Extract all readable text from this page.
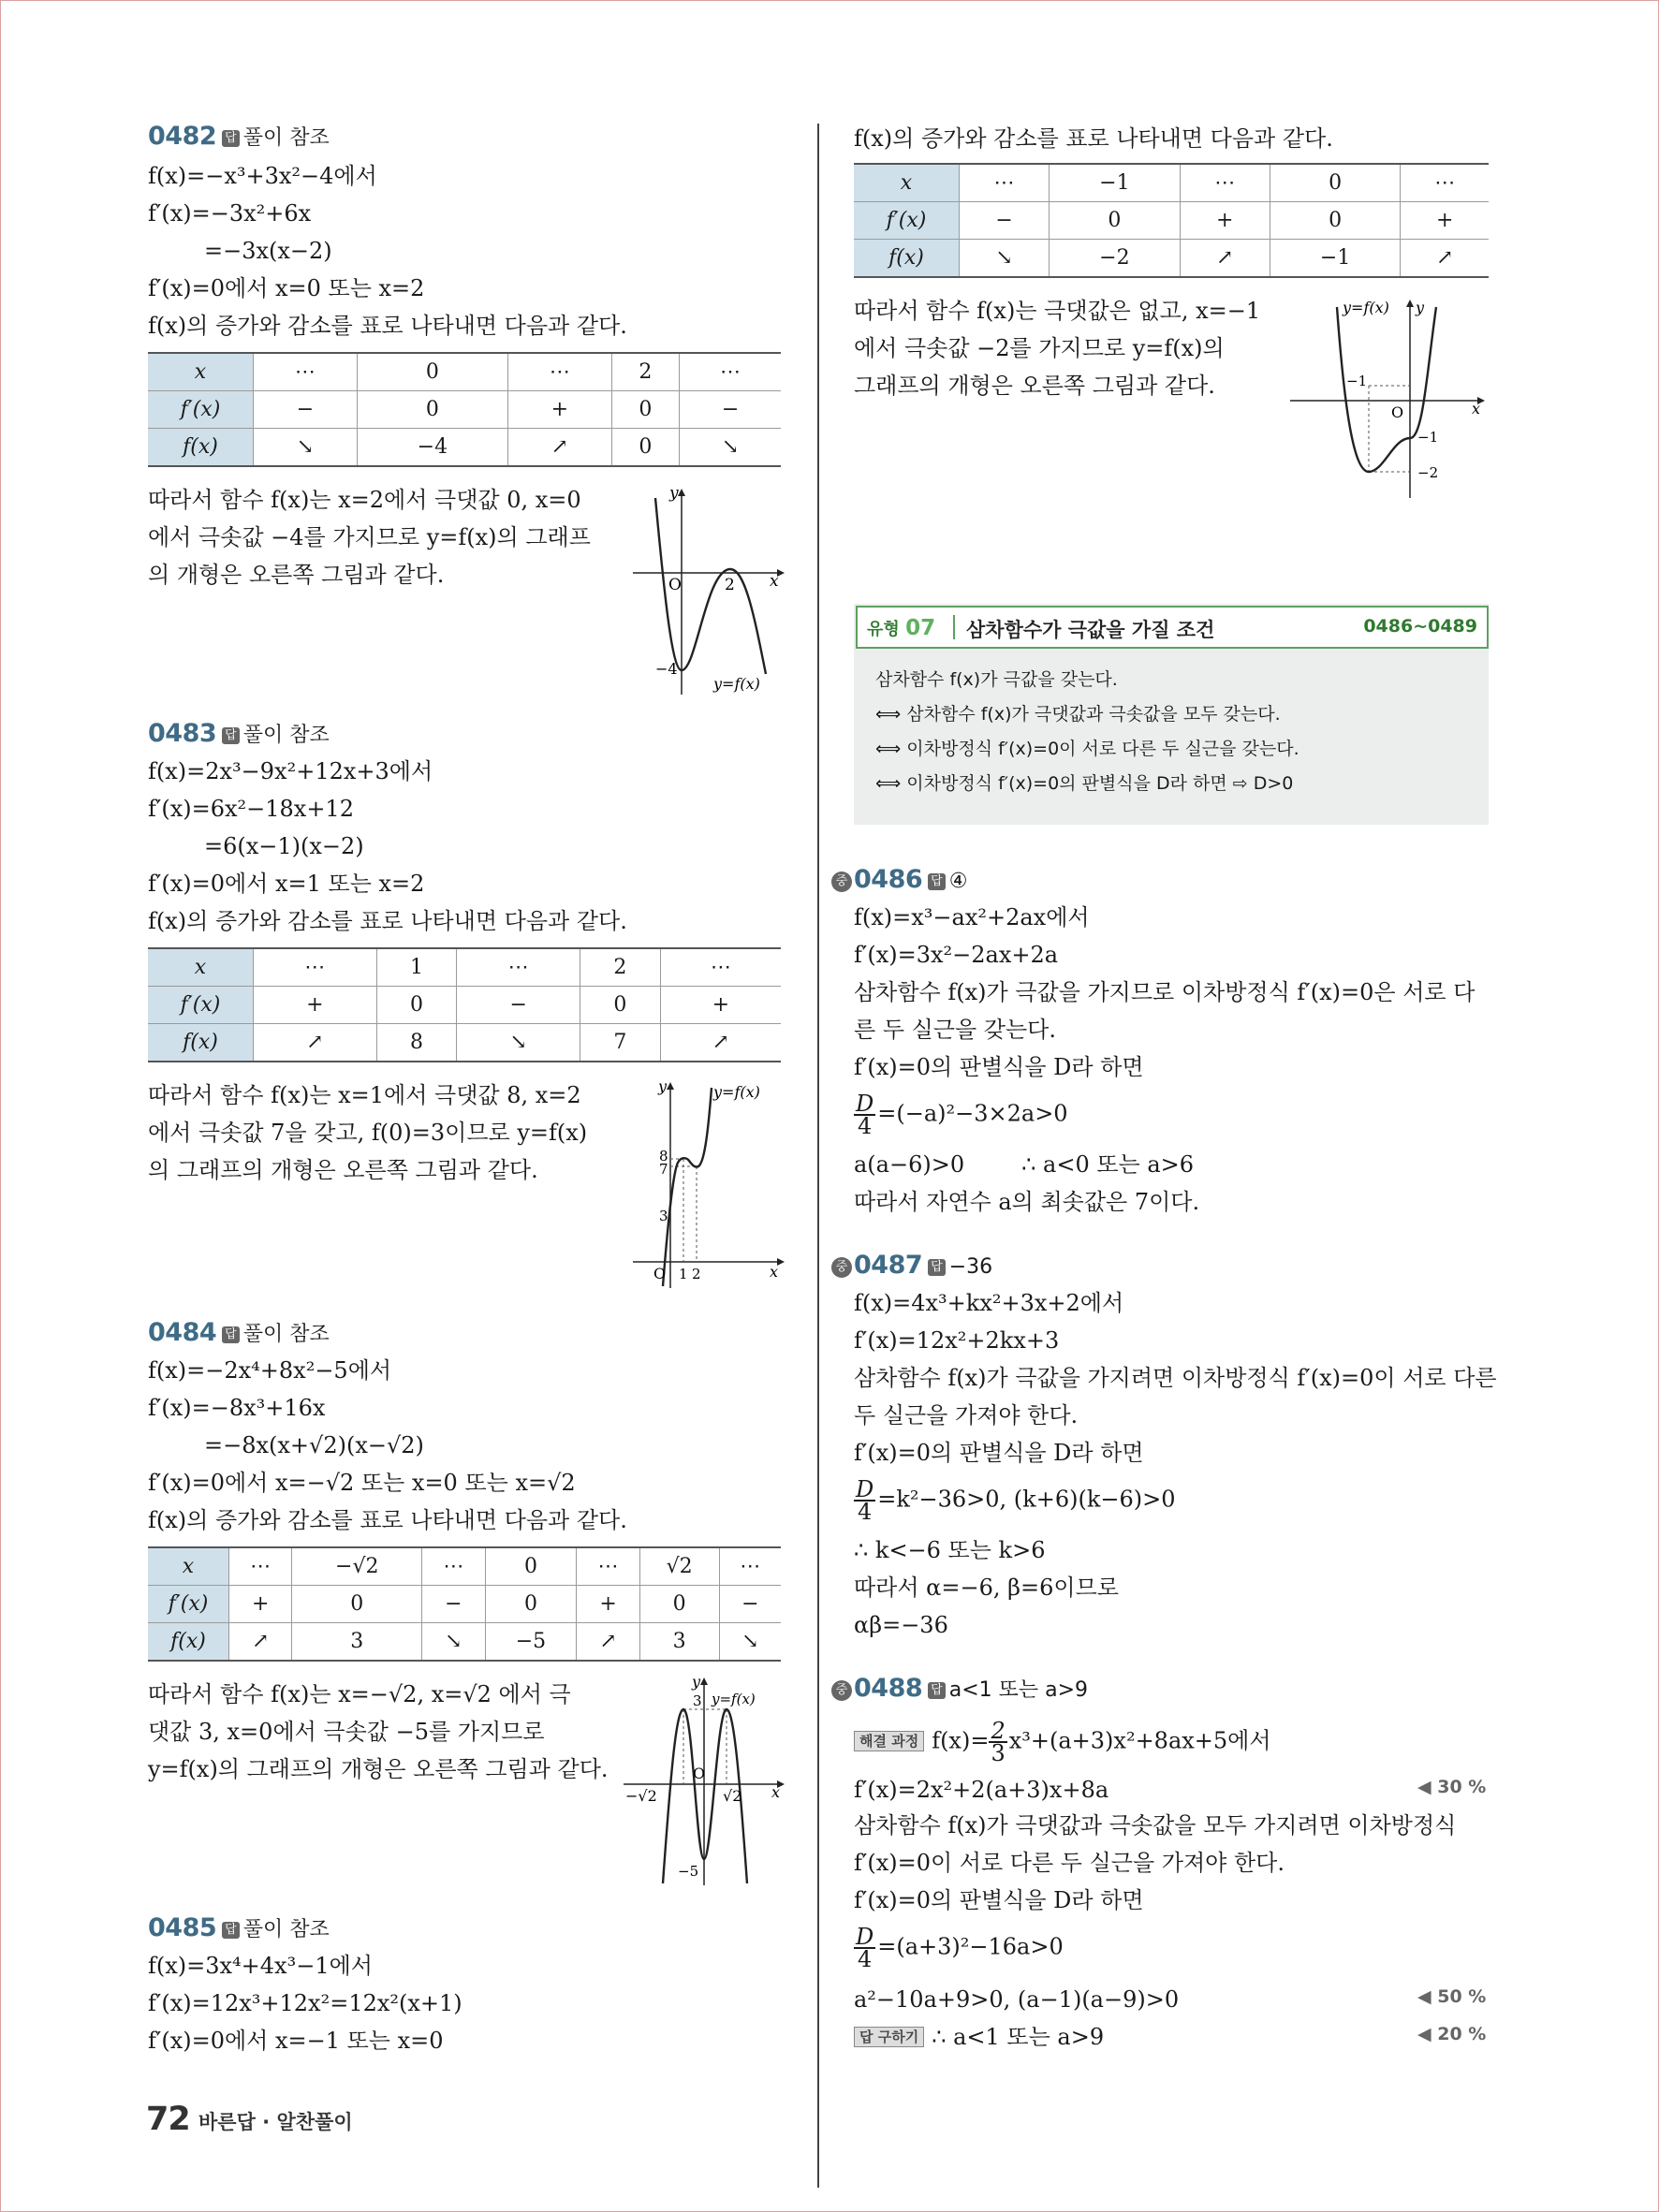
0482 답 풀이 참조
f(x)=−x³+3x²−4에서
f′(x)=−3x²+6x
=−3x(x−2)
f′(x)=0에서 x=0 또는 x=2
f(x)의 증가와 감소를 표로 나타내면 다음과 같다.
x	⋯	0	⋯	2	⋯
f′(x)	−	0	+	0	−
f(x)	↘	−4	↗	0	↘
따라서 함수 f(x)는 x=2에서 극댓값 0, x=0
에서 극솟값 −4를 가지므로 y=f(x)의 그래프
의 개형은 오른쪽 그림과 같다.
y
x
O	2
−4
y=f(x)
0483 답 풀이 참조
f(x)=2x³−9x²+12x+3에서
f′(x)=6x²−18x+12
=6(x−1)(x−2)
f′(x)=0에서 x=1 또는 x=2
f(x)의 증가와 감소를 표로 나타내면 다음과 같다.
x	⋯	1	⋯	2	⋯
f′(x)	+	0	−	0	+
f(x)	↗	8	↘	7	↗
따라서 함수 f(x)는 x=1에서 극댓값 8, x=2
에서 극솟값 7을 갖고, f(0)=3이므로 y=f(x)
의 그래프의 개형은 오른쪽 그림과 같다.
y
x
O 1 2
8
7
3
y=f(x)
0484 답 풀이 참조
f(x)=−2x⁴+8x²−5에서
f′(x)=−8x³+16x
=−8x(x+√2)(x−√2)
f′(x)=0에서 x=−√2 또는 x=0 또는 x=√2
f(x)의 증가와 감소를 표로 나타내면 다음과 같다.
x	⋯	−√2	⋯	0	⋯	√2	⋯
f′(x)	+	0	−	0	+	0	−
f(x)	↗	3	↘	−5	↗	3	↘
따라서 함수 f(x)는 x=−√2, x=√2 에서 극
댓값 3, x=0에서 극솟값 −5를 가지므로
y=f(x)의 그래프의 개형은 오른쪽 그림과 같다.
y
x
O
−√2	√2
3
−5
y=f(x)
0485 답 풀이 참조
f(x)=3x⁴+4x³−1에서
f′(x)=12x³+12x²=12x²(x+1)
f′(x)=0에서 x=−1 또는 x=0
72 바른답 · 알찬풀이
f(x)의 증가와 감소를 표로 나타내면 다음과 같다.
x	⋯	−1	⋯	0	⋯
f′(x)	−	0	+	0	+
f(x)	↘	−2	↗	−1	↗
따라서 함수 f(x)는 극댓값은 없고, x=−1
에서 극솟값 −2를 가지므로 y=f(x)의
그래프의 개형은 오른쪽 그림과 같다.
y=f(x) y
x
O
−1
−1
−2
유형 07 삼차함수가 극값을 가질 조건	0486~0489
삼차함수 f(x)가 극값을 갖는다.
⟺ 삼차함수 f(x)가 극댓값과 극솟값을 모두 갖는다.
⟺ 이차방정식 f′(x)=0이 서로 다른 두 실근을 갖는다.
⟺ 이차방정식 f′(x)=0의 판별식을 D라 하면 ⇨ D>0
중 0486 답 ④
f(x)=x³−ax²+2ax에서
f′(x)=3x²−2ax+2a
삼차함수 f(x)가 극값을 가지므로 이차방정식 f′(x)=0은 서로 다
른 두 실근을 갖는다.
f′(x)=0의 판별식을 D라 하면
$\frac{D}{4} =(-a)^2-3\times 2a>0$
a(a−6)>0        ∴ a<0 또는 a>6
따라서 자연수 a의 최솟값은 7이다.
중 0487 답 −36
f(x)=4x³+kx²+3x+2에서
f′(x)=12x²+2kx+3
삼차함수 f(x)가 극값을 가지려면 이차방정식 f′(x)=0이 서로 다른
두 실근을 가져야 한다.
f′(x)=0의 판별식을 D라 하면
$\frac{D}{4} =k^2-36>0$, (k+6)(k−6)>0
∴ k<−6 또는 k>6
따라서 α=−6, β=6이므로
αβ=−36
중 0488 답 a<1 또는 a>9
해결 과정 $f(x)= \frac{2}{3} x^3+(a+3)x^2+8ax+5$에서
f′(x)=2x²+2(a+3)x+8a	◀ 30 %
삼차함수 f(x)가 극댓값과 극솟값을 모두 가지려면 이차방정식
f′(x)=0이 서로 다른 두 실근을 가져야 한다.
f′(x)=0의 판별식을 D라 하면
$\frac{D}{4} =(a+3)^2-16a>0$
a²−10a+9>0, (a−1)(a−9)>0	◀ 50 %
답 구하기 ∴ a<1 또는 a>9	◀ 20 %
